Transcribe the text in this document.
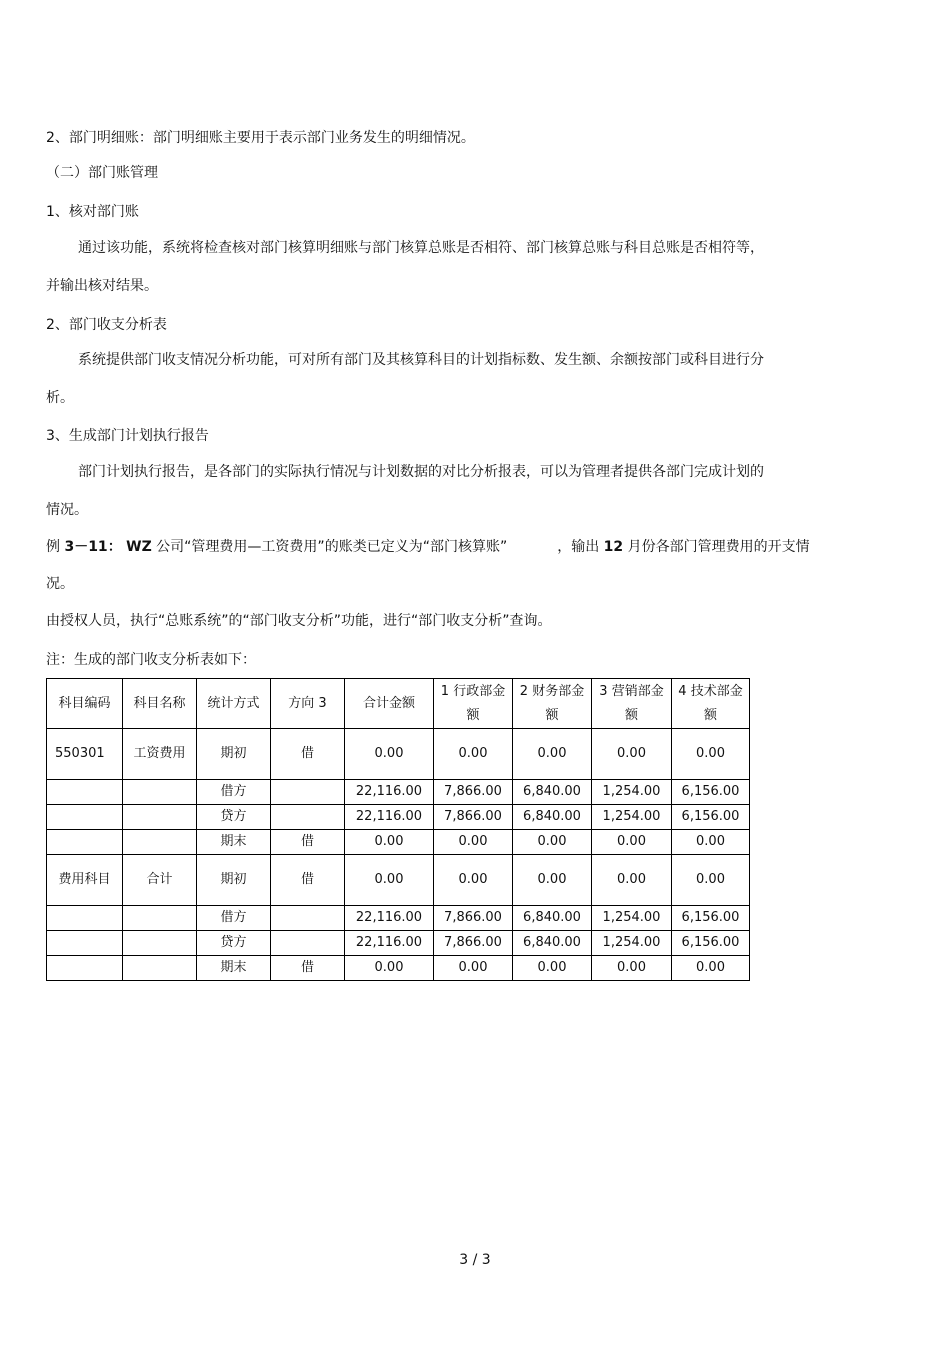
2、部门明细账：部门明细账主要用于表示部门业务发生的明细情况。
（二）部门账管理
1、核对部门账
通过该功能，系统将检查核对部门核算明细账与部门核算总账是否相符、部门核算总账与科目总账是否相符等，
并输出核对结果。
2、部门收支分析表
系统提供部门收支情况分析功能，可对所有部门及其核算科目的计划指标数、发生额、余额按部门或科目进行分
析。
3、生成部门计划执行报告
部门计划执行报告，是各部门的实际执行情况与计划数据的对比分析报表，可以为管理者提供各部门完成计划的
情况。
例 3－11： WZ 公司“管理费用—工资费用”的账类已定义为“部门核算账”	，输出 12 月份各部门管理费用的开支情
况。
由授权人员，执行“总账系统”的“部门收支分析”功能，进行“部门收支分析”查询。
注：生成的部门收支分析表如下：
科目编码	科目名称	统计方式	方向 3	合计金额	1 行政部金额	2 财务部金额	3 营销部金额	4 技术部金额
550301	工资费用	期初	借	0.00	0.00	0.00	0.00	0.00
		借方		22,116.00	7,866.00	6,840.00	1,254.00	6,156.00
		贷方		22,116.00	7,866.00	6,840.00	1,254.00	6,156.00
		期末	借	0.00	0.00	0.00	0.00	0.00
费用科目	合计	期初	借	0.00	0.00	0.00	0.00	0.00
		借方		22,116.00	7,866.00	6,840.00	1,254.00	6,156.00
		贷方		22,116.00	7,866.00	6,840.00	1,254.00	6,156.00
		期末	借	0.00	0.00	0.00	0.00	0.00
3 / 3
